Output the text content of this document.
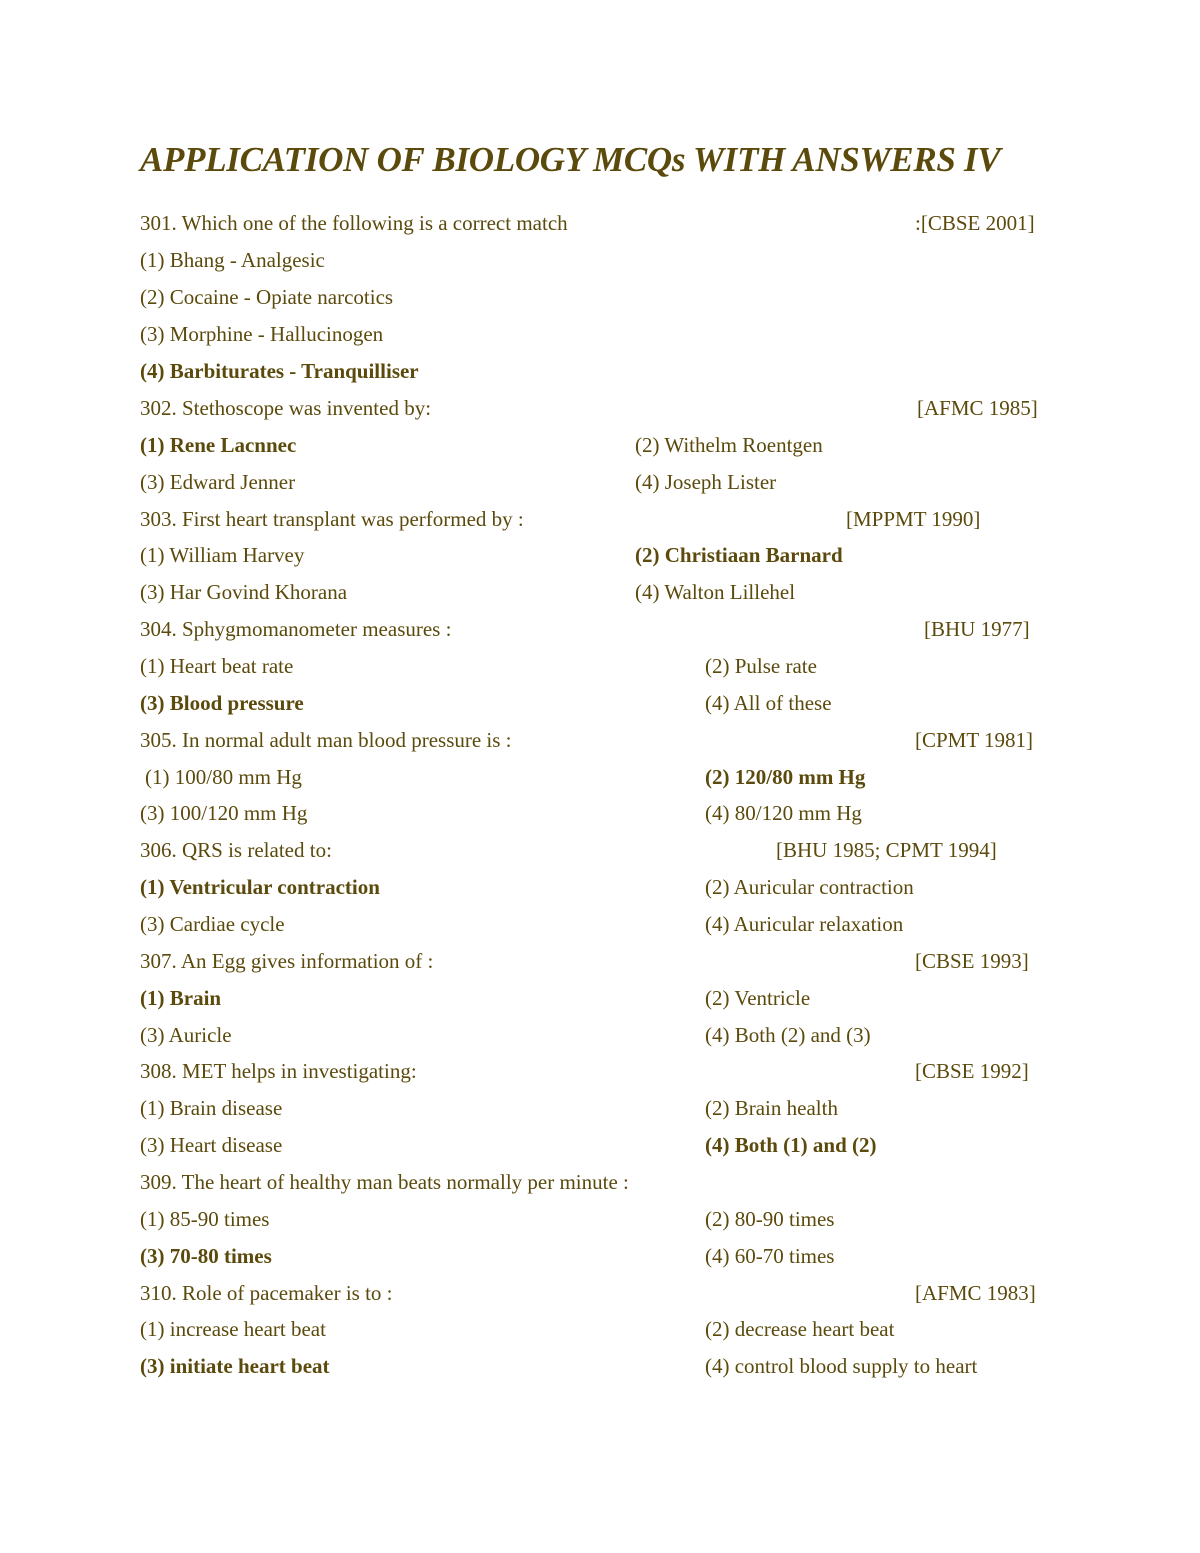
APPLICATION OF BIOLOGY MCQs WITH ANSWERS IV
301. Which one of the following is a correct match	:[CBSE 2001]
(1) Bhang - Analgesic
(2) Cocaine - Opiate narcotics
(3) Morphine - Hallucinogen
(4) Barbiturates - Tranquilliser
302. Stethoscope was invented by:	[AFMC 1985]
(1) Rene Lacnnec	(2) Withelm Roentgen
(3) Edward Jenner	(4) Joseph Lister
303. First heart transplant was performed by :	[MPPMT 1990]
(1) William Harvey	(2) Christiaan Barnard
(3) Har Govind Khorana	(4) Walton Lillehel
304. Sphygmomanometer measures :	[BHU 1977]
(1) Heart beat rate	(2) Pulse rate
(3) Blood pressure	(4) All of these
305. In normal adult man blood pressure is :	[CPMT 1981]
(1) 100/80 mm Hg	(2) 120/80 mm Hg
(3) 100/120 mm Hg	(4) 80/120 mm Hg
306. QRS is related to:	[BHU 1985; CPMT 1994]
(1) Ventricular contraction	(2) Auricular contraction
(3) Cardiae cycle	(4) Auricular relaxation
307. An Egg gives information of :	[CBSE 1993]
(1) Brain	(2) Ventricle
(3) Auricle	(4) Both (2) and (3)
308. MET helps in investigating:	[CBSE 1992]
(1) Brain disease	(2) Brain health
(3) Heart disease	(4) Both (1) and (2)
309. The heart of healthy man beats normally per minute :
(1) 85-90 times	(2) 80-90 times
(3) 70-80 times	(4) 60-70 times
310. Role of pacemaker is to :	[AFMC 1983]
(1) increase heart beat	(2) decrease heart beat
(3) initiate heart beat	(4) control blood supply to heart
